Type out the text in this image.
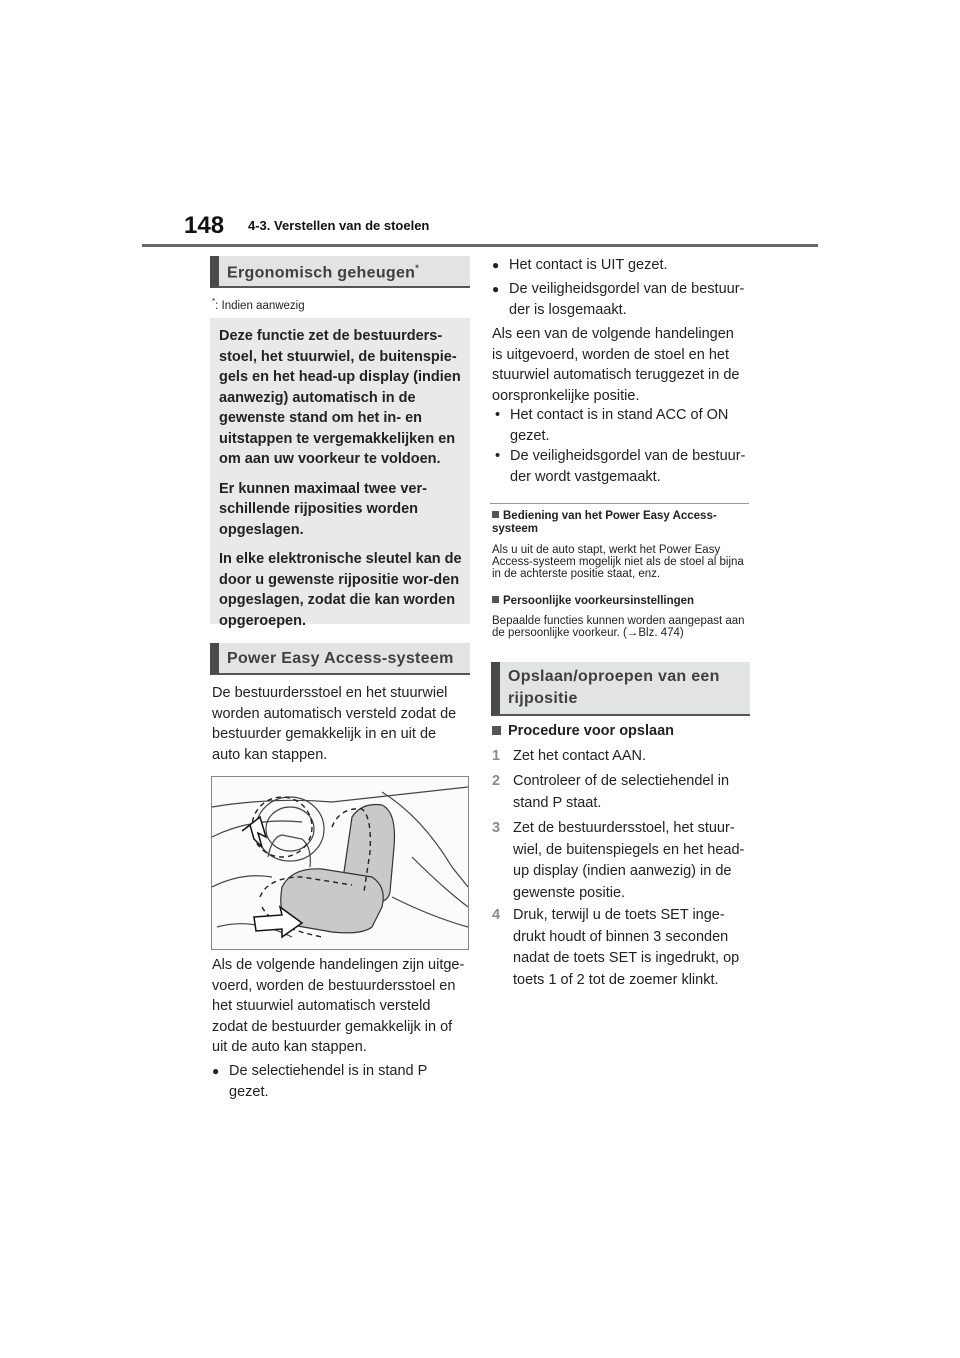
148 4-3. Verstellen van de stoelen
Ergonomisch geheugen*
*: Indien aanwezig

Deze functie zet de bestuurders-stoel, het stuurwiel, de buitenspie-gels en het head-up display (indien aanwezig) automatisch in de gewenste stand om het in- en uitstappen te vergemakkelijken en om aan uw voorkeur te voldoen.

Er kunnen maximaal twee ver-schillende rijposities worden opgeslagen.

In elke elektronische sleutel kan de door u gewenste rijpositie wor-den opgeslagen, zodat die kan worden opgeroepen.

Power Easy Access-systeem

De bestuurdersstoel en het stuurwiel worden automatisch versteld zodat de bestuurder gemakkelijk in en uit de auto kan stappen.

Als de volgende handelingen zijn uitge-voerd, worden de bestuurdersstoel en het stuurwiel automatisch versteld zodat de bestuurder gemakkelijk in of uit de auto kan stappen.

● De selectiehendel is in stand P gezet.
● Het contact is UIT gezet.
● De veiligheidsgordel van de bestuur-der is losgemaakt.

Als een van de volgende handelingen is uitgevoerd, worden de stoel en het stuurwiel automatisch teruggezet in de oorspronkelijke positie.

• Het contact is in stand ACC of ON gezet.
• De veiligheidsgordel van de bestuur-der wordt vastgemaakt.
Bediening van het Power Easy Access-systeem
Als u uit de auto stapt, werkt het Power Easy Access-systeem mogelijk niet als de stoel al bijna in de achterste positie staat, enz.
Persoonlijke voorkeursinstellingen
Bepaalde functies kunnen worden aangepast aan de persoonlijke voorkeur. (→Blz. 474)
Opslaan/oproepen van een
rijpositie
Procedure voor opslaan
1 Zet het contact AAN.
2 Controleer of de selectiehendel in stand P staat.
3 Zet de bestuurdersstoel, het stuur-wiel, de buitenspiegels en het head-up display (indien aanwezig) in de gewenste positie.
4 Druk, terwijl u de toets SET inge-drukt houdt of binnen 3 seconden nadat de toets SET is ingedrukt, op toets 1 of 2 tot de zoemer klinkt.
